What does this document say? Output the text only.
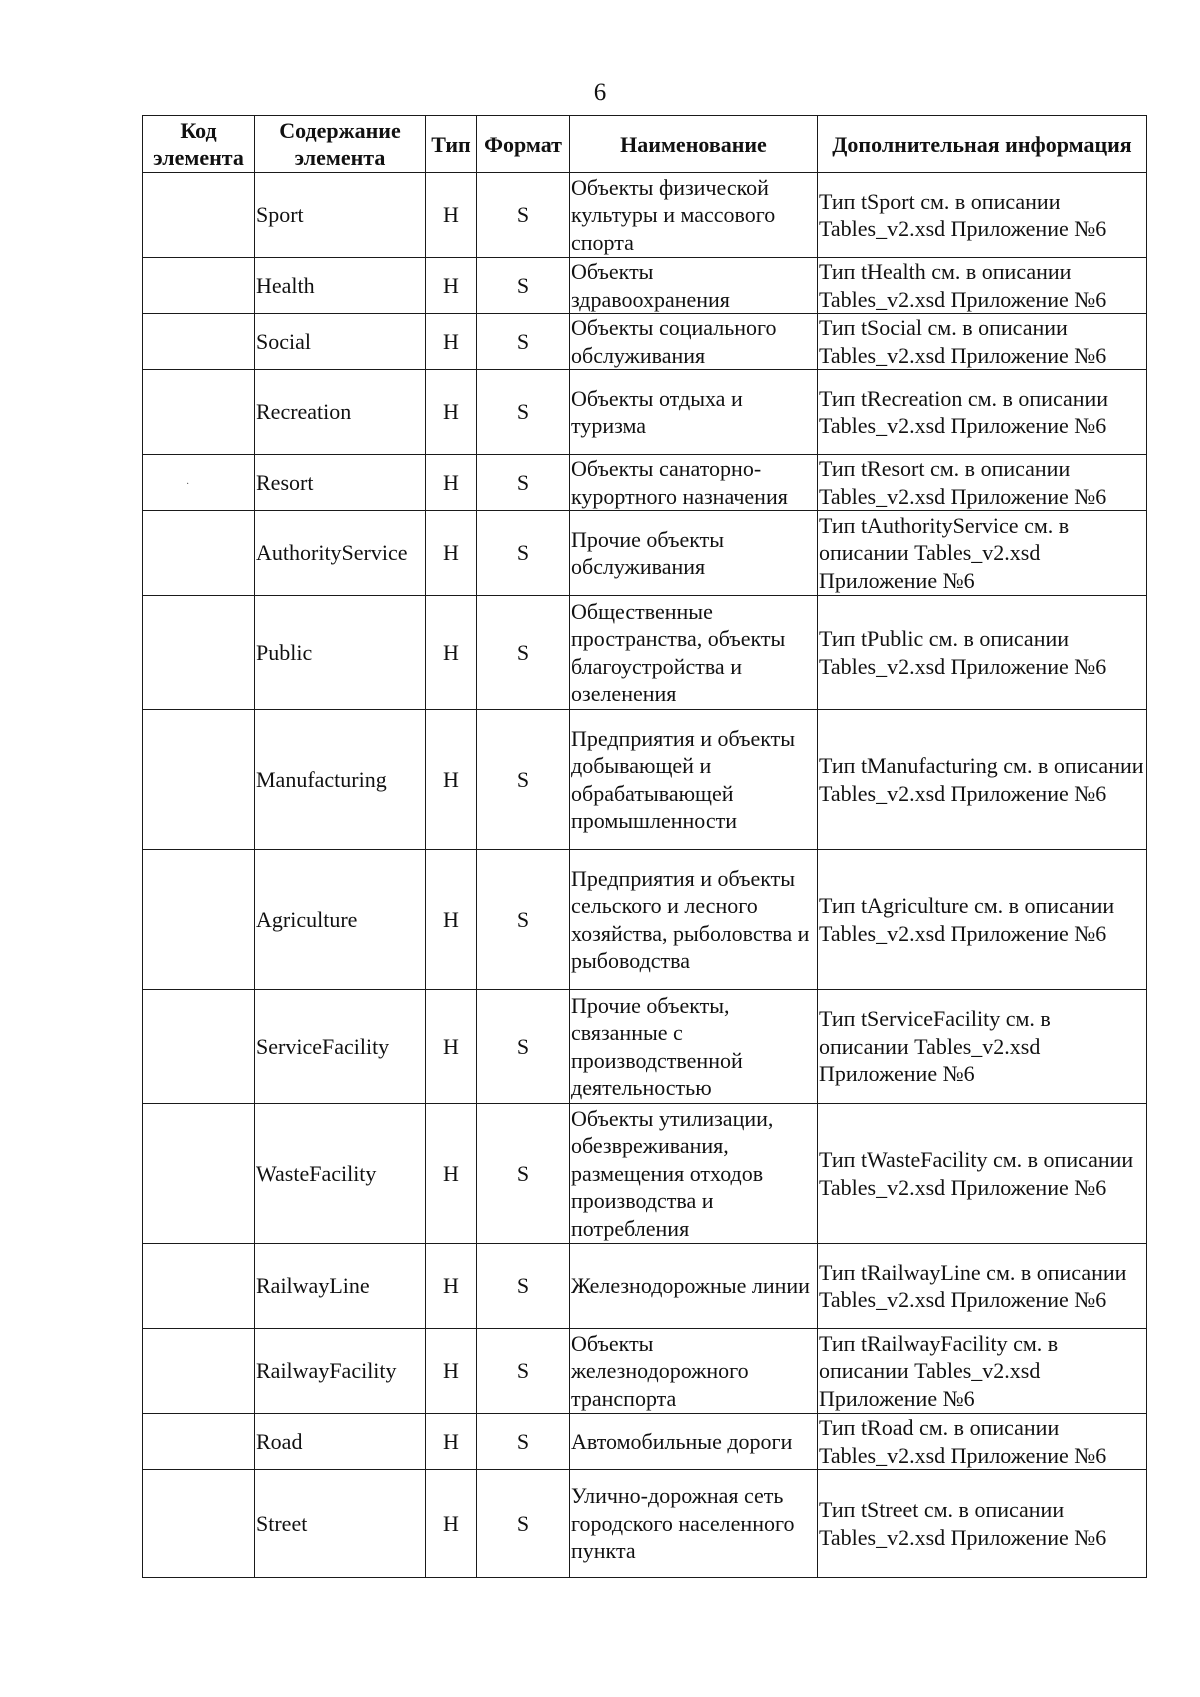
6
Код элемента	Содержание элемента	Тип	Формат	Наименование	Дополнительная информация
	Sport	Н	S	Объекты физической культуры и массового спорта	Тип tSport см. в описании Tables_v2.xsd Приложение №6
	Health	Н	S	Объекты здравоохранения	Тип tHealth см. в описании Tables_v2.xsd Приложение №6
	Social	Н	S	Объекты социального обслуживания	Тип tSocial см. в описании Tables_v2.xsd Приложение №6
	Recreation	Н	S	Объекты отдыха и туризма	Тип tRecreation см. в описании Tables_v2.xsd Приложение №6
·	Resort	Н	S	Объекты санаторно-курортного назначения	Тип tResort см. в описании Tables_v2.xsd Приложение №6
	AuthorityService	Н	S	Прочие объекты обслуживания	Тип tAuthorityService см. в описании Tables_v2.xsd Приложение №6
	Public	Н	S	Общественные пространства, объекты благоустройства и озеленения	Тип tPublic см. в описании Tables_v2.xsd Приложение №6
	Manufacturing	Н	S	Предприятия и объекты добывающей и обрабатывающей промышленности	Тип tManufacturing см. в описании Tables_v2.xsd Приложение №6
	Agriculture	Н	S	Предприятия и объекты сельского и лесного хозяйства, рыболовства и рыбоводства	Тип tAgriculture см. в описании Tables_v2.xsd Приложение №6
	ServiceFacility	Н	S	Прочие объекты, связанные с производственной деятельностью	Тип tServiceFacility см. в описании Tables_v2.xsd Приложение №6
	WasteFacility	Н	S	Объекты утилизации, обезвреживания, размещения отходов производства и потребления	Тип tWasteFacility см. в описании Tables_v2.xsd Приложение №6
	RailwayLine	Н	S	Железнодорожные линии	Тип tRailwayLine см. в описании Tables_v2.xsd Приложение №6
	RailwayFacility	Н	S	Объекты железнодорожного транспорта	Тип tRailwayFacility см. в описании Tables_v2.xsd Приложение №6
	Road	Н	S	Автомобильные дороги	Тип tRoad см. в описании Tables_v2.xsd Приложение №6
	Street	Н	S	Улично-дорожная сеть городского населенного пункта	Тип tStreet см. в описании Tables_v2.xsd Приложение №6
